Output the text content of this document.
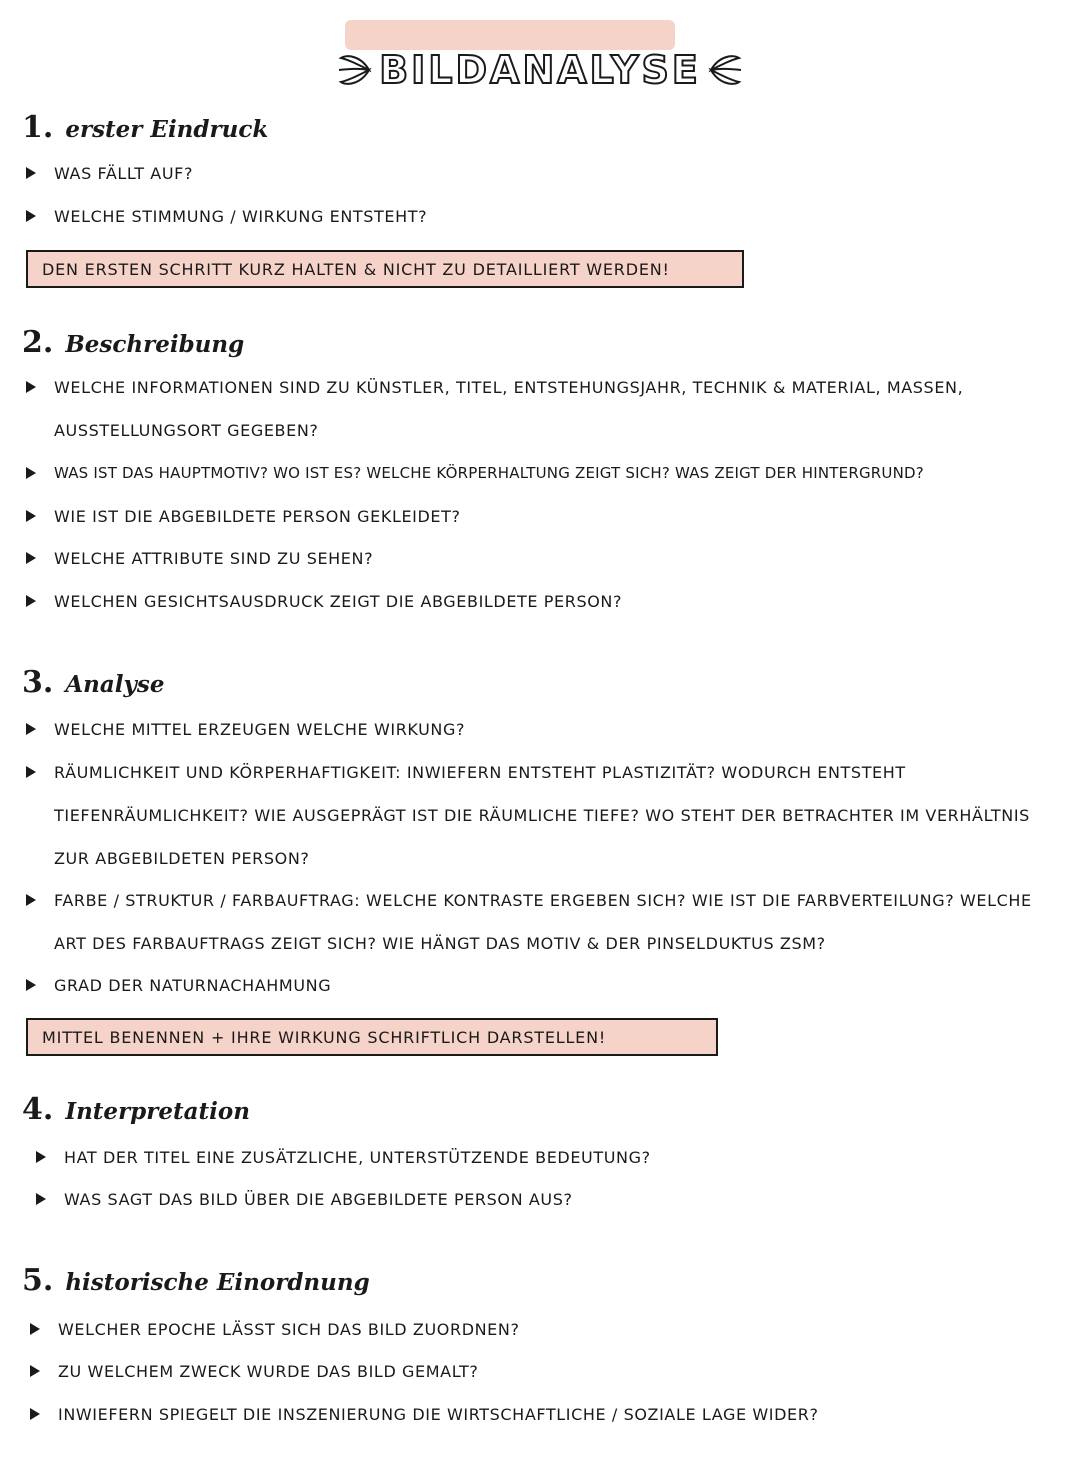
BILDANALYSE
1. erster Eindruck
WAS FÄLLT AUF?
WELCHE STIMMUNG / WIRKUNG ENTSTEHT?
DEN ERSTEN SCHRITT KURZ HALTEN & NICHT ZU DETAILLIERT WERDEN!
2. Beschreibung
WELCHE INFORMATIONEN SIND ZU KÜNSTLER, TITEL, ENTSTEHUNGSJAHR, TECHNIK & MATERIAL, MASSEN, AUSSTELLUNGSORT GEGEBEN?
WAS IST DAS HAUPTMOTIV? WO IST ES? WELCHE KÖRPERHALTUNG ZEIGT SICH? WAS ZEIGT DER HINTERGRUND?
WIE IST DIE ABGEBILDETE PERSON GEKLEIDET?
WELCHE ATTRIBUTE SIND ZU SEHEN?
WELCHEN GESICHTSAUSDRUCK ZEIGT DIE ABGEBILDETE PERSON?
3. Analyse
WELCHE MITTEL ERZEUGEN WELCHE WIRKUNG?
RÄUMLICHKEIT UND KÖRPERHAFTIGKEIT: INWIEFERN ENTSTEHT PLASTIZITÄT? WODURCH ENTSTEHT TIEFENRÄUMLICHKEIT? WIE AUSGEPRÄGT IST DIE RÄUMLICHE TIEFE? WO STEHT DER BETRACHTER IM VERHÄLTNIS ZUR ABGEBILDETEN PERSON?
FARBE / STRUKTUR / FARBAUFTRAG: WELCHE KONTRASTE ERGEBEN SICH? WIE IST DIE FARBVERTEILUNG? WELCHE ART DES FARBAUFTRAGS ZEIGT SICH? WIE HÄNGT DAS MOTIV & DER PINSELDUKTUS ZSM?
GRAD DER NATURNACHAHMUNG
MITTEL BENENNEN + IHRE WIRKUNG SCHRIFTLICH DARSTELLEN!
4. Interpretation
HAT DER TITEL EINE ZUSÄTZLICHE, UNTERSTÜTZENDE BEDEUTUNG?
WAS SAGT DAS BILD ÜBER DIE ABGEBILDETE PERSON AUS?
5. historische Einordnung
WELCHER EPOCHE LÄSST SICH DAS BILD ZUORDNEN?
ZU WELCHEM ZWECK WURDE DAS BILD GEMALT?
INWIEFERN SPIEGELT DIE INSZENIERUNG DIE WIRTSCHAFTLICHE / SOZIALE LAGE WIDER?
